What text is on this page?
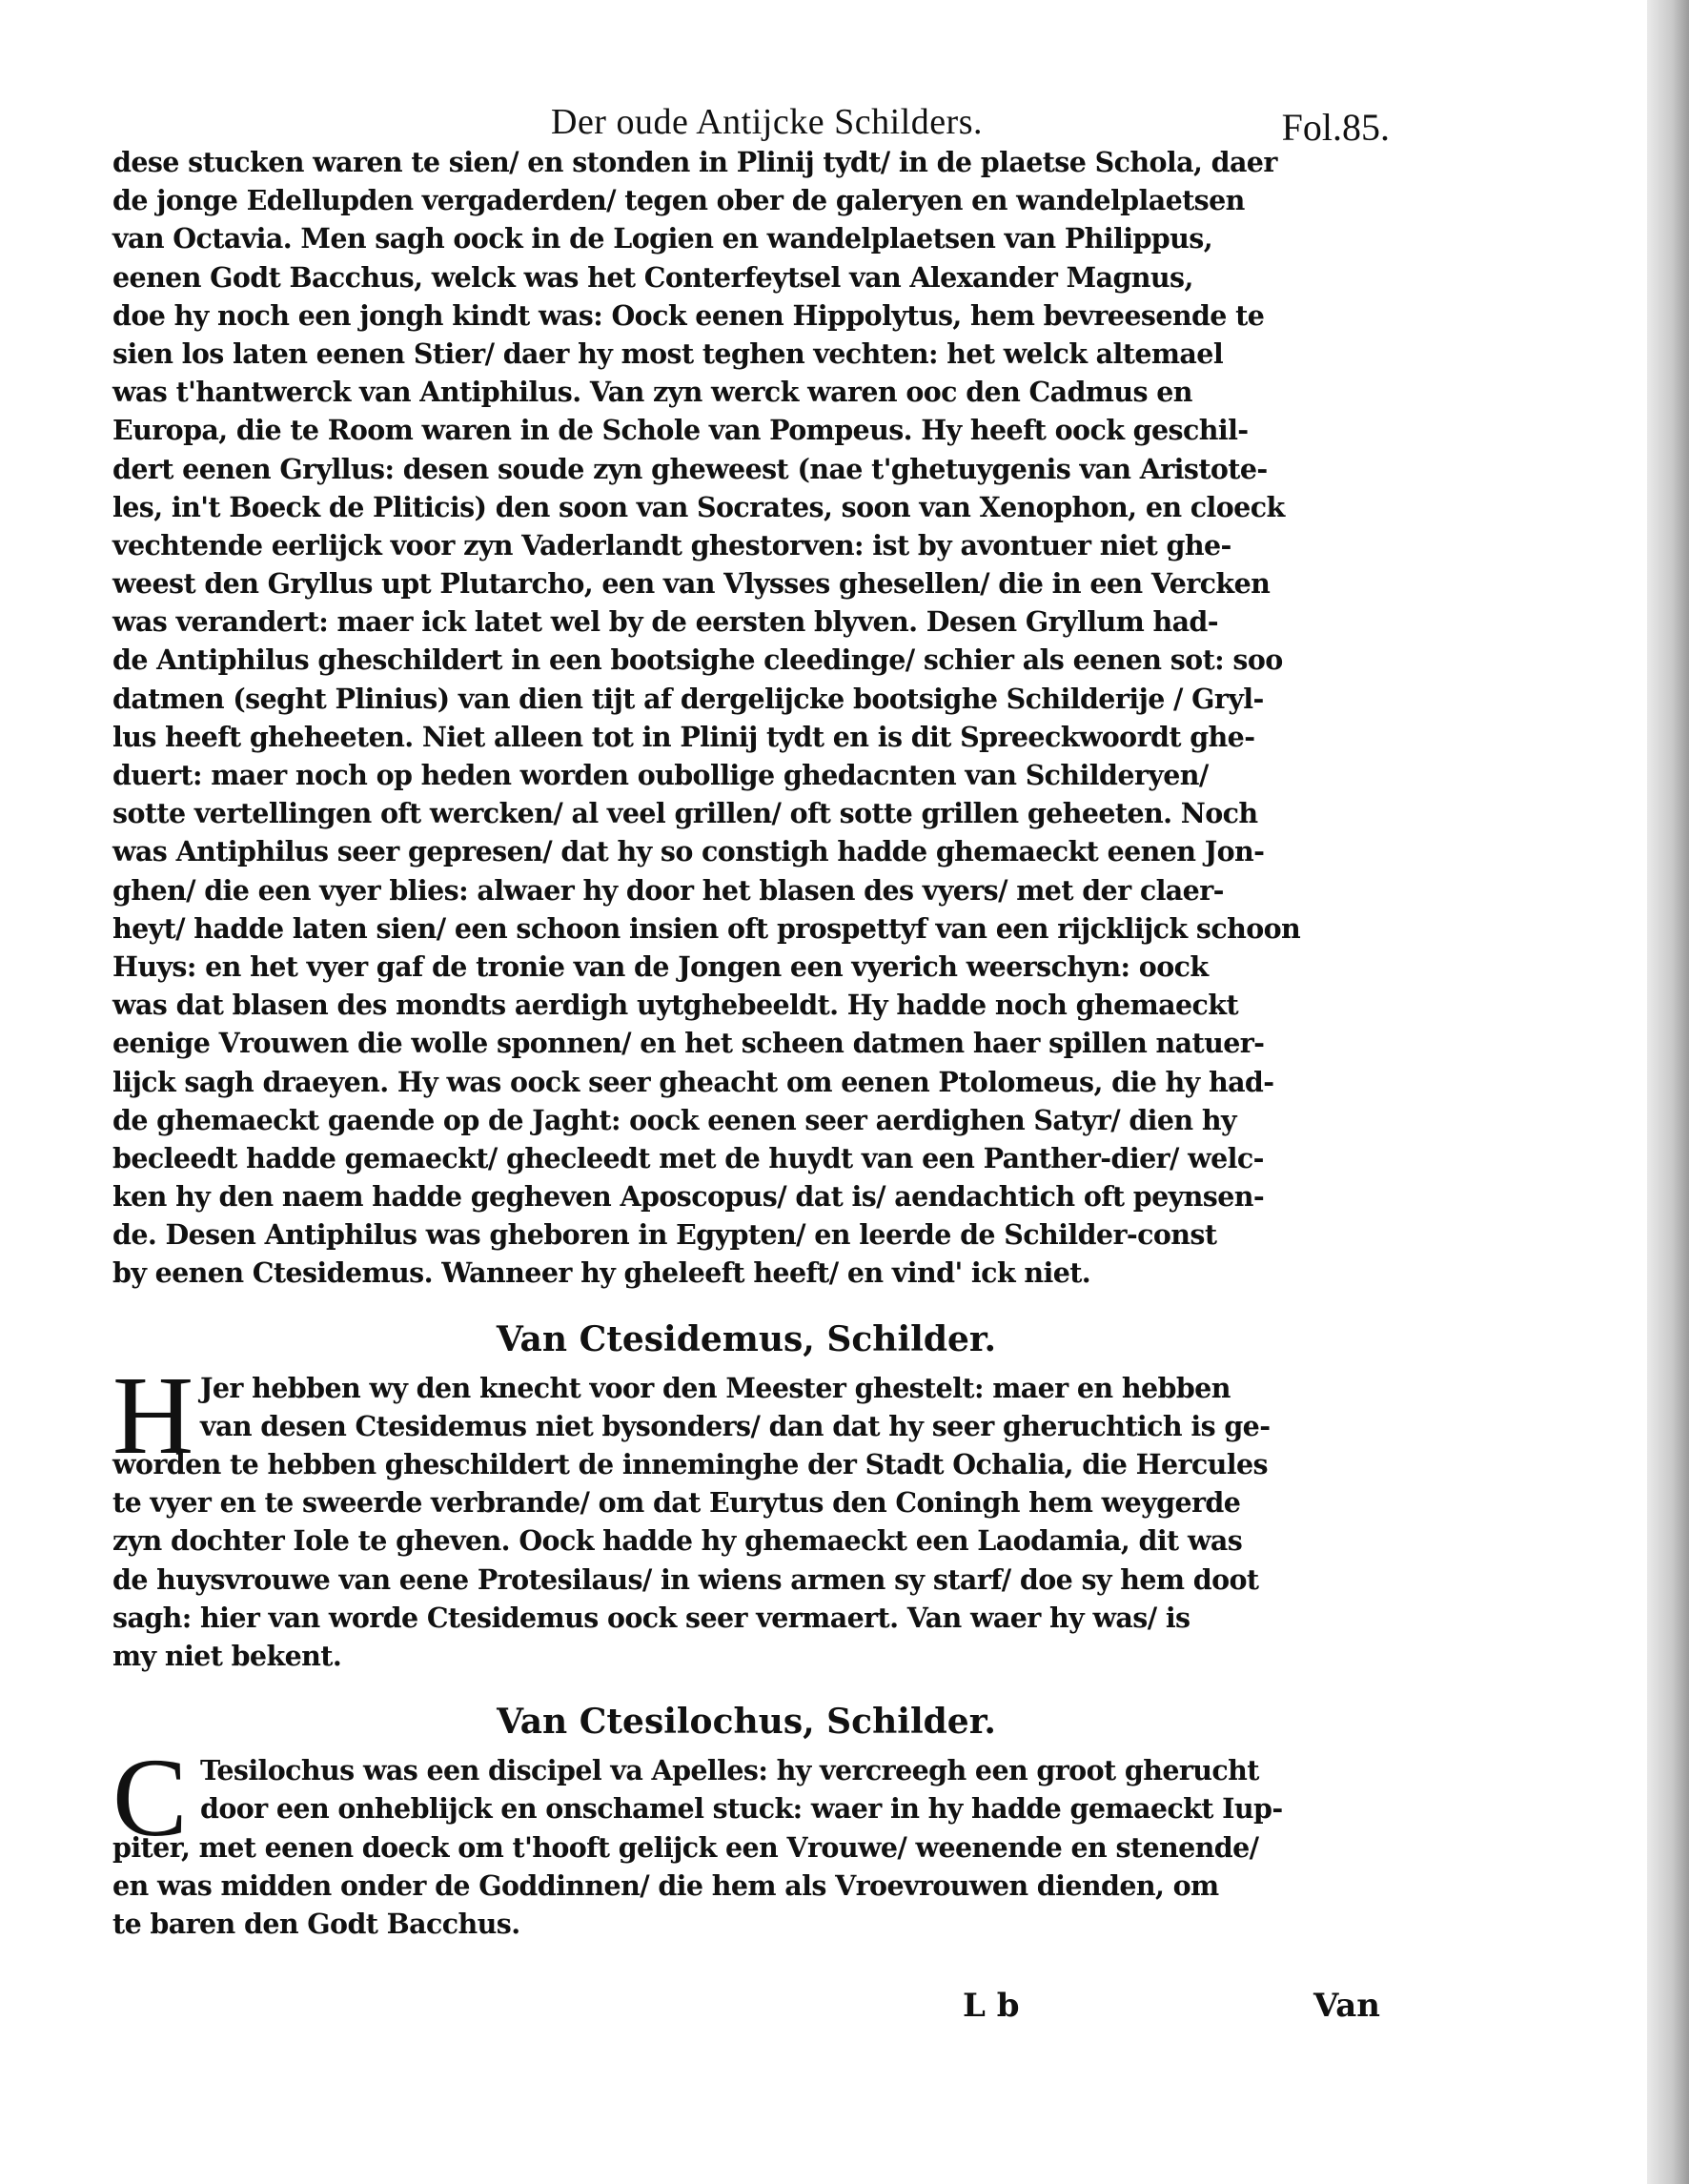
Der oude Antijcke Schilders.	Fol.85.
dese stucken waren te sien/ en stonden in Plinij tydt/ in de plaetse Schola, daer
de jonge Edellupden vergaderden/ tegen ober de galeryen en wandelplaetsen
van Octavia. Men sagh oock in de Logien en wandelplaetsen van Philippus,
eenen Godt Bacchus, welck was het Conterfeytsel van Alexander Magnus,
doe hy noch een jongh kindt was: Oock eenen Hippolytus, hem bevreesende te
sien los laten eenen Stier/ daer hy most teghen vechten: het welck altemael
was t'hantwerck van Antiphilus. Van zyn werck waren ooc den Cadmus en
Europa, die te Room waren in de Schole van Pompeus. Hy heeft oock geschil-
dert eenen Gryllus: desen soude zyn gheweest (nae t'ghetuygenis van Aristote-
les, in't Boeck de Pliticis) den soon van Socrates, soon van Xenophon, en cloeck
vechtende eerlijck voor zyn Vaderlandt ghestorven: ist by avontuer niet ghe-
weest den Gryllus upt Plutarcho, een van Vlysses ghesellen/ die in een Vercken
was verandert: maer ick latet wel by de eersten blyven. Desen Gryllum had-
de Antiphilus gheschildert in een bootsighe cleedinge/ schier als eenen sot: soo
datmen (seght Plinius) van dien tijt af dergelijcke bootsighe Schilderije / Gryl-
lus heeft gheheeten. Niet alleen tot in Plinij tydt en is dit Spreeckwoordt ghe-
duert: maer noch op heden worden oubollige ghedacnten van Schilderyen/
sotte vertellingen oft wercken/ al veel grillen/ oft sotte grillen geheeten. Noch
was Antiphilus seer gepresen/ dat hy so constigh hadde ghemaeckt eenen Jon-
ghen/ die een vyer blies: alwaer hy door het blasen des vyers/ met der claer-
heyt/ hadde laten sien/ een schoon insien oft prospettyf van een rijcklijck schoon
Huys: en het vyer gaf de tronie van de Jongen een vyerich weerschyn: oock
was dat blasen des mondts aerdigh uytghebeeldt. Hy hadde noch ghemaeckt
eenige Vrouwen die wolle sponnen/ en het scheen datmen haer spillen natuer-
lijck sagh draeyen. Hy was oock seer gheacht om eenen Ptolomeus, die hy had-
de ghemaeckt gaende op de Jaght: oock eenen seer aerdighen Satyr/ dien hy
becleedt hadde gemaeckt/ ghecleedt met de huydt van een Panther-dier/ welc-
ken hy den naem hadde gegheven Aposcopus/ dat is/ aendachtich oft peynsen-
de. Desen Antiphilus was gheboren in Egypten/ en leerde de Schilder-const
by eenen Ctesidemus. Wanneer hy gheleeft heeft/ en vind' ick niet.
Van Ctesidemus, Schilder.
H Jer hebben wy den knecht voor den Meester ghestelt: maer en hebben
van desen Ctesidemus niet bysonders/ dan dat hy seer gheruchtich is ge-
worden te hebben gheschildert de inneminghe der Stadt Ochalia, die Hercules
te vyer en te sweerde verbrande/ om dat Eurytus den Coningh hem weygerde
zyn dochter Iole te gheven. Oock hadde hy ghemaeckt een Laodamia, dit was
de huysvrouwe van eene Protesilaus/ in wiens armen sy starf/ doe sy hem doot
sagh: hier van worde Ctesidemus oock seer vermaert. Van waer hy was/ is
my niet bekent.
Van Ctesilochus, Schilder.
C Tesilochus was een discipel va Apelles: hy vercreegh een groot gherucht
door een onheblijck en onschamel stuck: waer in hy hadde gemaeckt Iup-
piter, met eenen doeck om t'hooft gelijck een Vrouwe/ weenende en stenende/
en was midden onder de Goddinnen/ die hem als Vroevrouwen dienden, om
te baren den Godt Bacchus.
L b	Van
